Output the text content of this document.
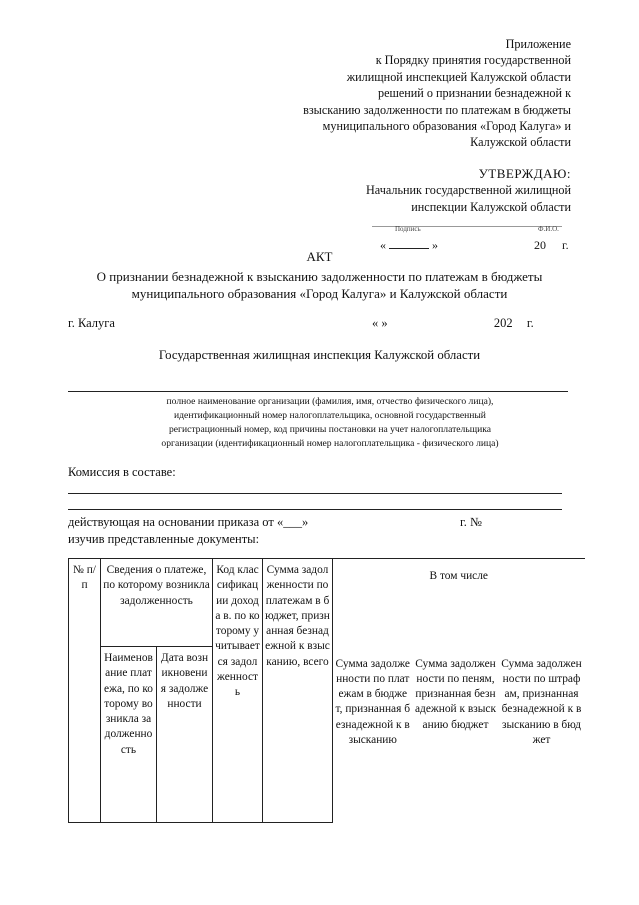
Приложение
к Порядку принятия государственной
жилищной инспекцией Калужской области
решений о признании безнадежной к
взысканию задолженности по платежам в бюджеты
муниципального образования «Город Калуга» и
Калужской области
УТВЕРЖДАЮ:
Начальник государственной жилищной
инспекции Калужской области
Подпись	Ф.И.О.
«	»	20 г.
АКТ
О признании безнадежной к взысканию задолженности по платежам в бюджеты
муниципального образования «Город Калуга» и Калужской области
г. Калуга	« »	202 г.
Государственная жилищная инспекция Калужской области
полное наименование организации (фамилия, имя, отчество физического лица),
идентификационный номер налогоплательщика, основной государственный
регистрационный номер, код причины постановки на учет налогоплательщика
организации (идентификационный номер налогоплательщика - физического лица)
Комиссия в составе:
действующая на основании приказа от «___»	г. №
изучив представленные документы:
№ п/п	Сведения о платеже, по которому возникла задолженность		Код классификации дохода в. по которому учитывается задолженность	Сумма задолженности по платежам в бюджет, признанная безнадежной к взысканию, всего	В том числе		
	Наименование платежа, по которому возникла задолженность	Дата возникновения задолженности			Сумма задолженности по платежам в бюджет, признанная безнадежной к взысканию	Сумма задолженности по пеням, признанная безнадежной к взысканию бюджет	Сумма задолженности по штрафам, признанная безнадежной к взысканию в бюджет
